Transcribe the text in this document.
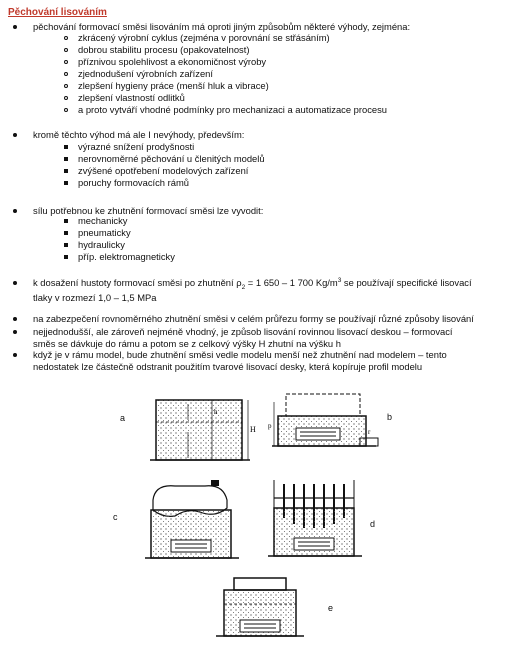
Pěchování lisováním
pěchování formovací směsi lisováním má oproti jiným způsobům některé výhody, zejména:
zkrácený výrobní cyklus (zejména v porovnání se střásáním)
dobrou stabilitu procesu (opakovatelnost)
příznivou spolehlivost a ekonomičnost výroby
zjednodušení výrobních zařízení
zlepšení hygieny práce (menší hluk a vibrace)
zlepšení vlastností odlitků
a proto vytváří vhodné podmínky pro mechanizaci a automatizace procesu
kromě těchto výhod má ale I nevýhody, především:
výrazné snížení prodyšnosti
nerovnoměrné pěchování u členitých modelů
zvýšené opotřebení modelových zařízení
poruchy formovacích rámů
sílu potřebnou ke zhutnění formovací směsi lze vyvodit:
mechanicky
pneumaticky
hydraulicky
příp. elektromagneticky
k dosažení hustoty formovací směsi po zhutnění $\rho_2 = 1$ 650 – 1 700 $Kg/m^3$ se používají specifické lisovací
tlaky v rozmezí 1,0 – 1,5 MPa
na zabezpečení rovnoměrného zhutnění směsi v celém průřezu formy se používají různé způsoby lisování
nejjednodušší, ale zároveň nejméně vhodný, je způsob lisování rovinnou lisovací deskou – formovací
směs se dávkuje do rámu a potom se z celkový výšky H zhutní na výšku h
když je v rámu model, bude zhutnění směsi vedle modelu menší než zhutnění nad modelem – tento
nedostatek lze částečně odstranit použitím tvarové lisovací desky, která kopíruje profil modelu
a	b
c
d
e
H
h
p
r
